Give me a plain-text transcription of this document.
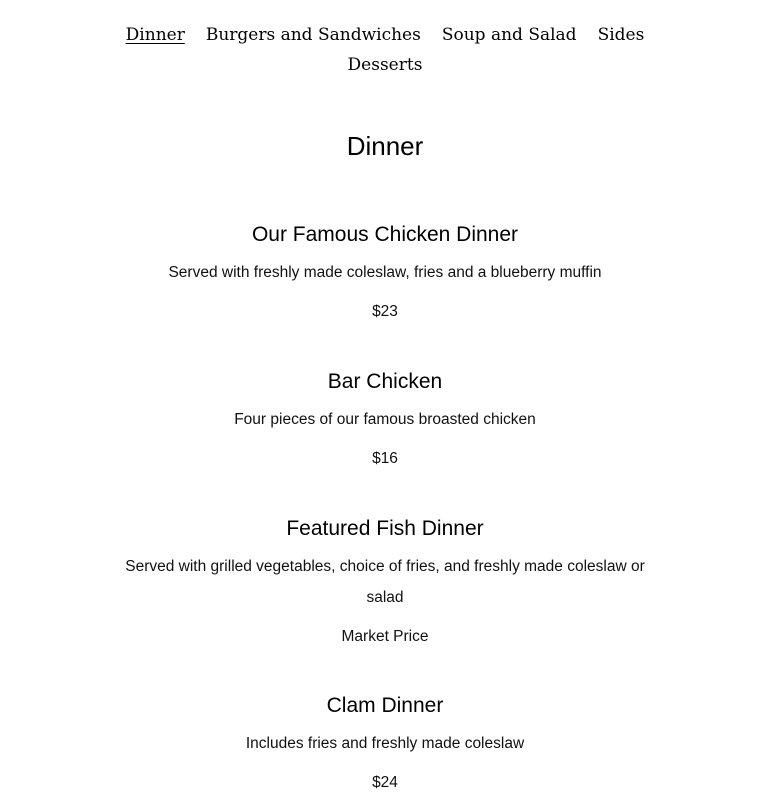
Dinner Burgers and Sandwiches Soup and Salad Sides
Desserts
Dinner
Our Famous Chicken Dinner

Served with freshly made coleslaw, fries and a blueberry muffin

$23

Bar Chicken

Four pieces of our famous broasted chicken

$16

Featured Fish Dinner

Served with grilled vegetables, choice of fries, and freshly made coleslaw or salad

Market Price

Clam Dinner

Includes fries and freshly made coleslaw

$24
